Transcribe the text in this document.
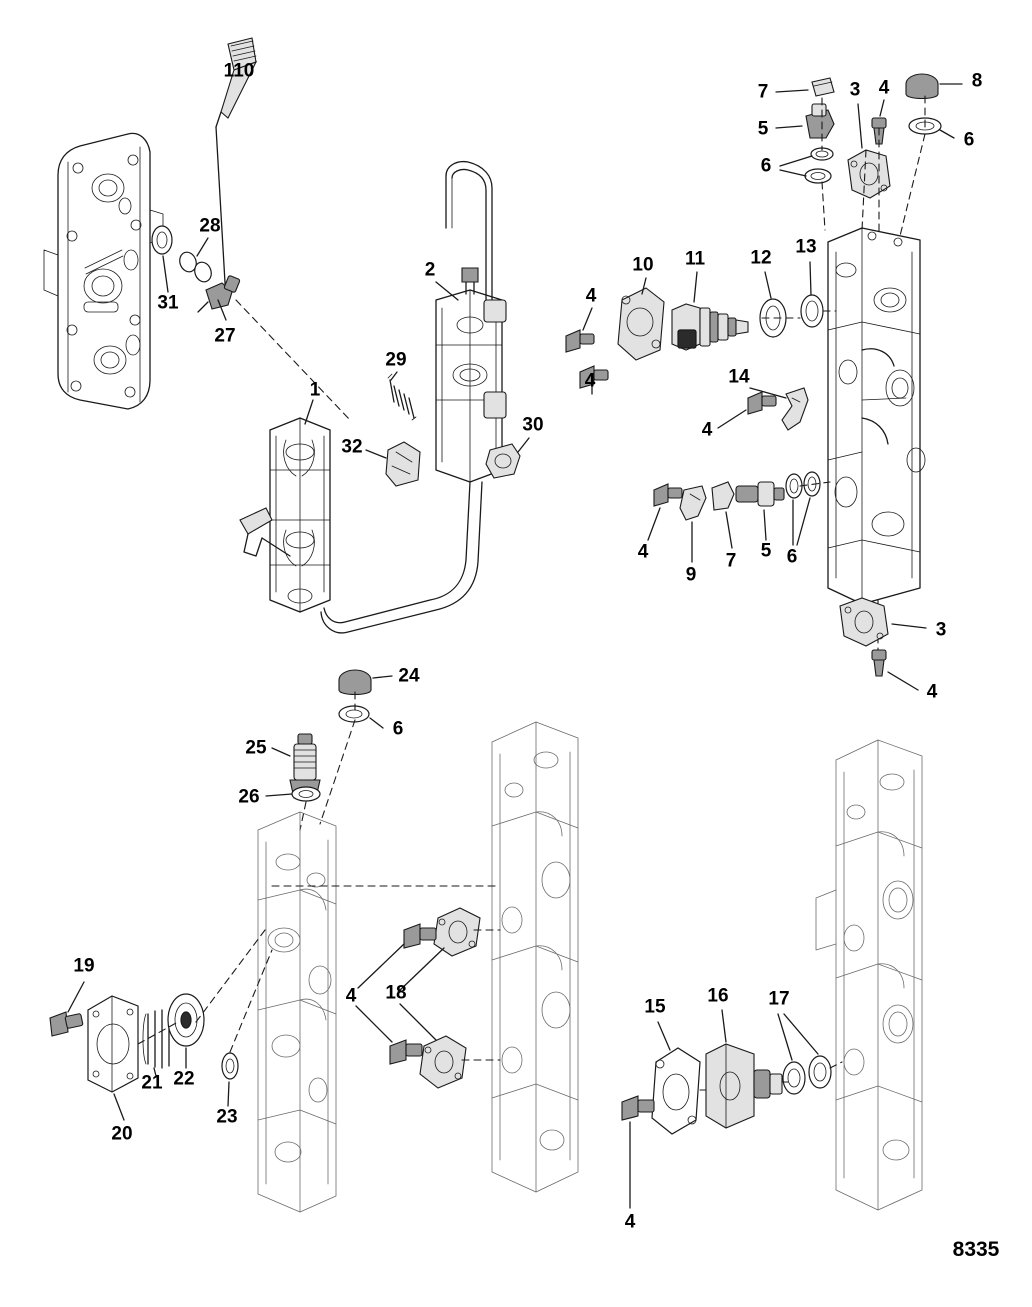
110
7	3 4	8
5
6
6
28
31
27
2	10 11 12
13
4
4
29
1
14
4
32
30
4
9
7 5 6
3
4
24
6
25
26
19
4 18
15
16 17
21 22
23
20
4
8335
